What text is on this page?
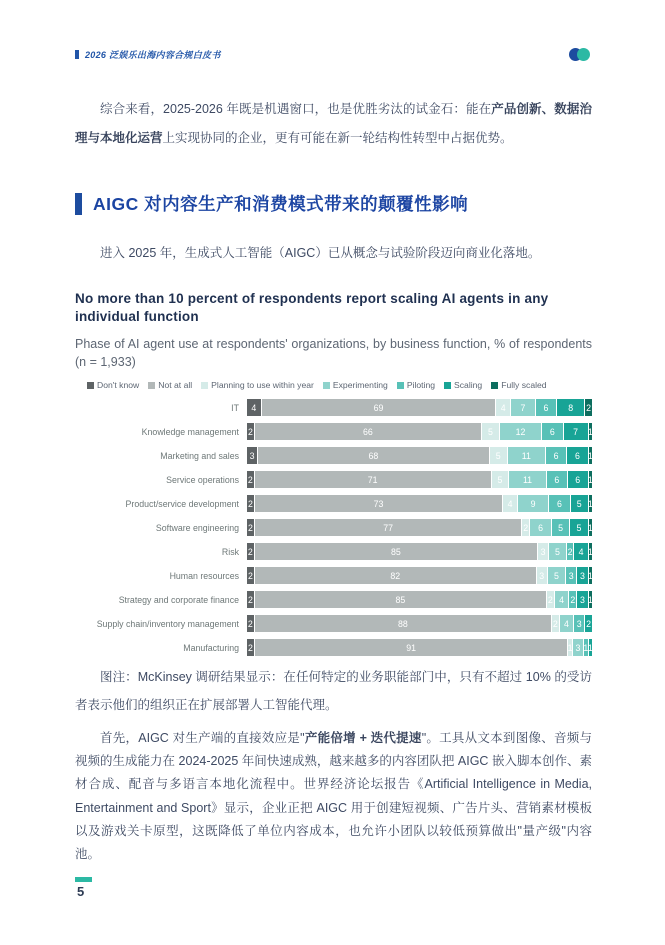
2026 泛娱乐出海内容合规白皮书

综合来看，2025-2026 年既是机遇窗口，也是优胜劣汰的试金石：能在产品创新、数据治理与本地化运营上实现协同的企业，更有可能在新一轮结构性转型中占据优势。

AIGC 对内容生产和消费模式带来的颠覆性影响

进入 2025 年，生成式人工智能（AIGC）已从概念与试验阶段迈向商业化落地。

No more than 10 percent of respondents report scaling AI agents in any individual function
Phase of AI agent use at respondents' organizations, by business function, % of respondents (n = 1,933)
Don't know Not at all Planning to use within year Experimenting Piloting Scaling Fully scaled
IT	4	69	4 7 6 8 2
Knowledge management	2	66	5	12	6 7 1
Marketing and sales	3	68	5 11	6 6 1
Service operations	2	71	5 11	6 6 1
Product/service development	2	73	4 9 6 5 1
Software engineering	2	77	2 6 5 5 1
Risk	2	85	3 5 2 4 1
Human resources	2	82	3 5 3 3 1
Strategy and corporate finance	2	85	2 4 2 3 1
Supply chain/inventory management	2	88	2 4 3 2
Manufacturing	2	91	1 3 1 1

图注：McKinsey 调研结果显示：在任何特定的业务职能部门中，只有不超过 10% 的受访者表示他们的组织正在扩展部署人工智能代理。

首先，AIGC 对生产端的直接效应是"产能倍增 + 迭代提速"。工具从文本到图像、音频与视频的生成能力在 2024-2025 年间快速成熟，越来越多的内容团队把 AIGC 嵌入脚本创作、素材合成、配音与多语言本地化流程中。世界经济论坛报告《Artificial Intelligence in Media, Entertainment and Sport》显示，企业正把 AIGC 用于创建短视频、广告片头、营销素材模板以及游戏关卡原型，这既降低了单位内容成本，也允许小团队以较低预算做出"量产级"内容池。

5
